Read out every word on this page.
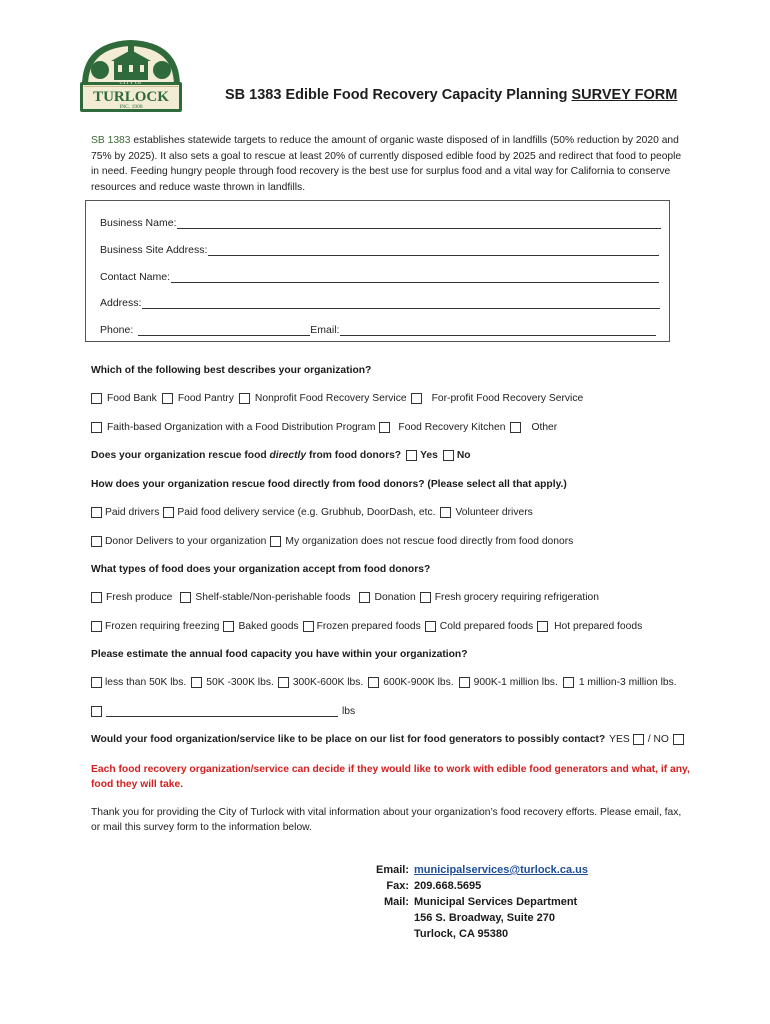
CITY OF
TURLOCK
INC. 1908
SB 1383 Edible Food Recovery Capacity Planning SURVEY FORM
SB 1383 establishes statewide targets to reduce the amount of organic waste disposed of in landfills (50% reduction by 2020 and 75% by 2025). It also sets a goal to rescue at least 20% of currently disposed edible food by 2025 and redirect that food to people in need. Feeding hungry people through food recovery is the best use for surplus food and a vital way for California to conserve resources and reduce waste thrown in landfills.
Business Name:
Business Site Address:
Contact Name:
Address:
Phone:	Email:
Which of the following best describes your organization?
Food Bank Food Pantry Nonprofit Food Recovery Service For-profit Food Recovery Service
Faith-based Organization with a Food Distribution Program Food Recovery Kitchen	Other
Does your organization rescue food directly from food donors? Yes No
How does your organization rescue food directly from food donors? (Please select all that apply.)
Paid drivers Paid food delivery service (e.g. Grubhub, DoorDash, etc. Volunteer drivers
Donor Delivers to your organization My organization does not rescue food directly from food donors
What types of food does your organization accept from food donors?
Fresh produce Shelf-stable/Non-perishable foods Donation Fresh grocery requiring refrigeration
Frozen requiring freezing Baked goods Frozen prepared foods Cold prepared foods Hot prepared foods
Please estimate the annual food capacity you have within your organization?
less than 50K lbs. 50K -300K lbs. 300K-600K lbs. 600K-900K lbs. 900K-1 million lbs. 1 million-3 million lbs.
lbs
Would your food organization/service like to be place on our list for food generators to possibly contact? YES / NO
Each food recovery organization/service can decide if they would like to work with edible food generators and what, if any, food they will take.
Thank you for providing the City of Turlock with vital information about your organization’s food recovery efforts. Please email, fax, or mail this survey form to the information below.
Email: municipalservices@turlock.ca.us
Fax: 209.668.5695
Mail: Municipal Services Department
156 S. Broadway, Suite 270
Turlock, CA 95380
